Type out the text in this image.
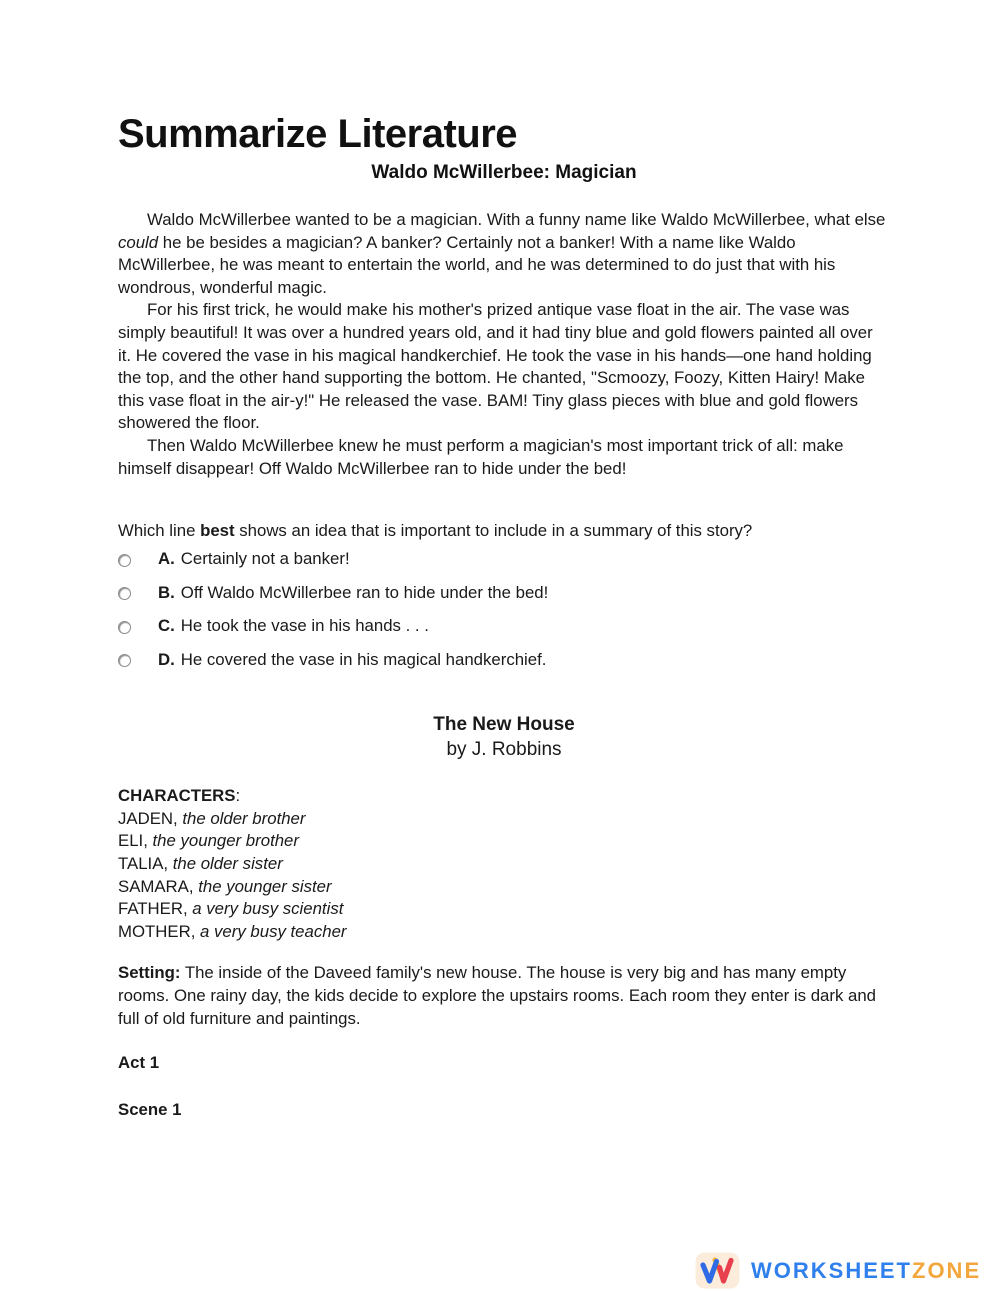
Summarize Literature
Waldo McWillerbee: Magician

Waldo McWillerbee wanted to be a magician. With a funny name like Waldo McWillerbee, what else could he be besides a magician? A banker? Certainly not a banker! With a name like Waldo McWillerbee, he was meant to entertain the world, and he was determined to do just that with his wondrous, wonderful magic.

For his first trick, he would make his mother's prized antique vase float in the air. The vase was simply beautiful! It was over a hundred years old, and it had tiny blue and gold flowers painted all over it. He covered the vase in his magical handkerchief. He took the vase in his hands—one hand holding the top, and the other hand supporting the bottom. He chanted, "Scmoozy, Foozy, Kitten Hairy! Make this vase float in the air-y!" He released the vase. BAM! Tiny glass pieces with blue and gold flowers showered the floor.

Then Waldo McWillerbee knew he must perform a magician's most important trick of all: make himself disappear! Off Waldo McWillerbee ran to hide under the bed!

Which line best shows an idea that is important to include in a summary of this story?

A. Certainly not a banker!
B. Off Waldo McWillerbee ran to hide under the bed!
C. He took the vase in his hands . . .
D. He covered the vase in his magical handkerchief.
The New House
by J. Robbins

CHARACTERS:

JADEN, the older brother
ELI, the younger brother
TALIA, the older sister
SAMARA, the younger sister
FATHER, a very busy scientist
MOTHER, a very busy teacher

Setting: The inside of the Daveed family's new house. The house is very big and has many empty rooms. One rainy day, the kids decide to explore the upstairs rooms. Each room they enter is dark and full of old furniture and paintings.

Act 1

Scene 1

WORKSHEETZONE
